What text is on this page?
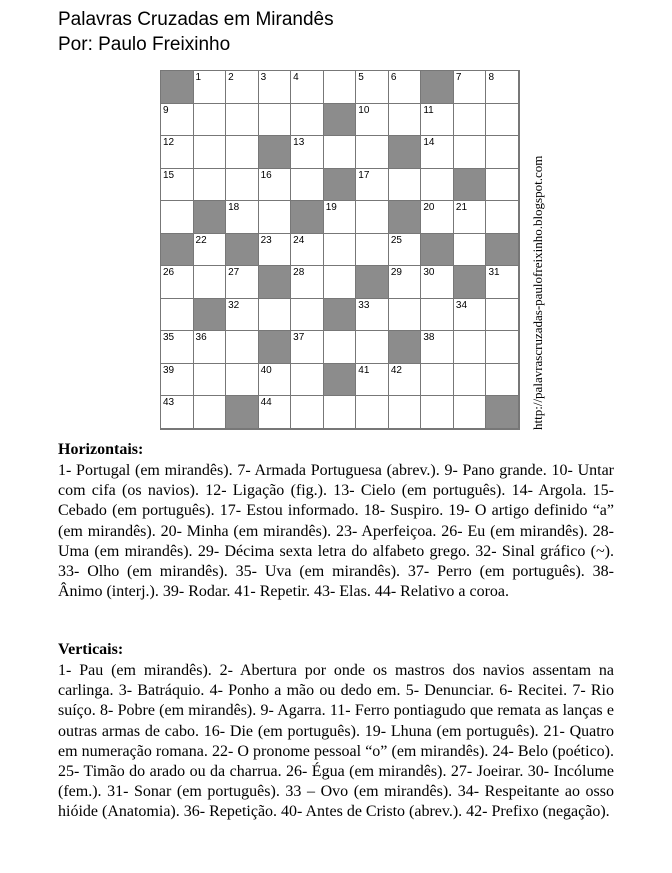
Palavras Cruzadas em Mirandês
Por: Paulo Freixinho
1	2	3	4	5	6	7	8
9	10	11
12	13	14
15	16	17
18	19	20 21
22	23 24	25
26	27	28	29 30	31
32	33	34
35 36	37	38
39	40	41 42
43	44	http://palavrascruzadas-paulofreixinho.blogspot.com
Horizontais:

1- Portugal (em mirandês). 7- Armada Portuguesa (abrev.). 9- Pano grande. 10- Untar com cifa (os navios). 12- Ligação (fig.). 13- Cielo (em português). 14- Argola. 15- Cebado (em português). 17- Estou informado. 18- Suspiro. 19- O artigo definido “a” (em mirandês). 20- Minha (em mirandês). 23- Aperfeiçoa. 26- Eu (em mirandês). 28- Uma (em mirandês). 29- Décima sexta letra do alfabeto grego. 32- Sinal gráfico (~). 33- Olho (em mirandês). 35- Uva (em mirandês). 37- Perro (em português). 38- Ânimo (interj.). 39- Rodar. 41- Repetir. 43- Elas. 44- Relativo a coroa.

Verticais:

1- Pau (em mirandês). 2- Abertura por onde os mastros dos navios assentam na carlinga. 3- Batráquio. 4- Ponho a mão ou dedo em. 5- Denunciar. 6- Recitei. 7- Rio suíço. 8- Pobre (em mirandês). 9- Agarra. 11- Ferro pontiagudo que remata as lanças e outras armas de cabo. 16- Die (em português). 19- Lhuna (em português). 21- Quatro em numeração romana. 22- O pronome pessoal “o” (em mirandês). 24- Belo (poético). 25- Timão do arado ou da charrua. 26- Égua (em mirandês). 27- Joeirar. 30- Incólume (fem.). 31- Sonar (em português). 33 – Ovo (em mirandês). 34- Respeitante ao osso hióide (Anatomia). 36- Repetição. 40- Antes de Cristo (abrev.). 42- Prefixo (negação).
